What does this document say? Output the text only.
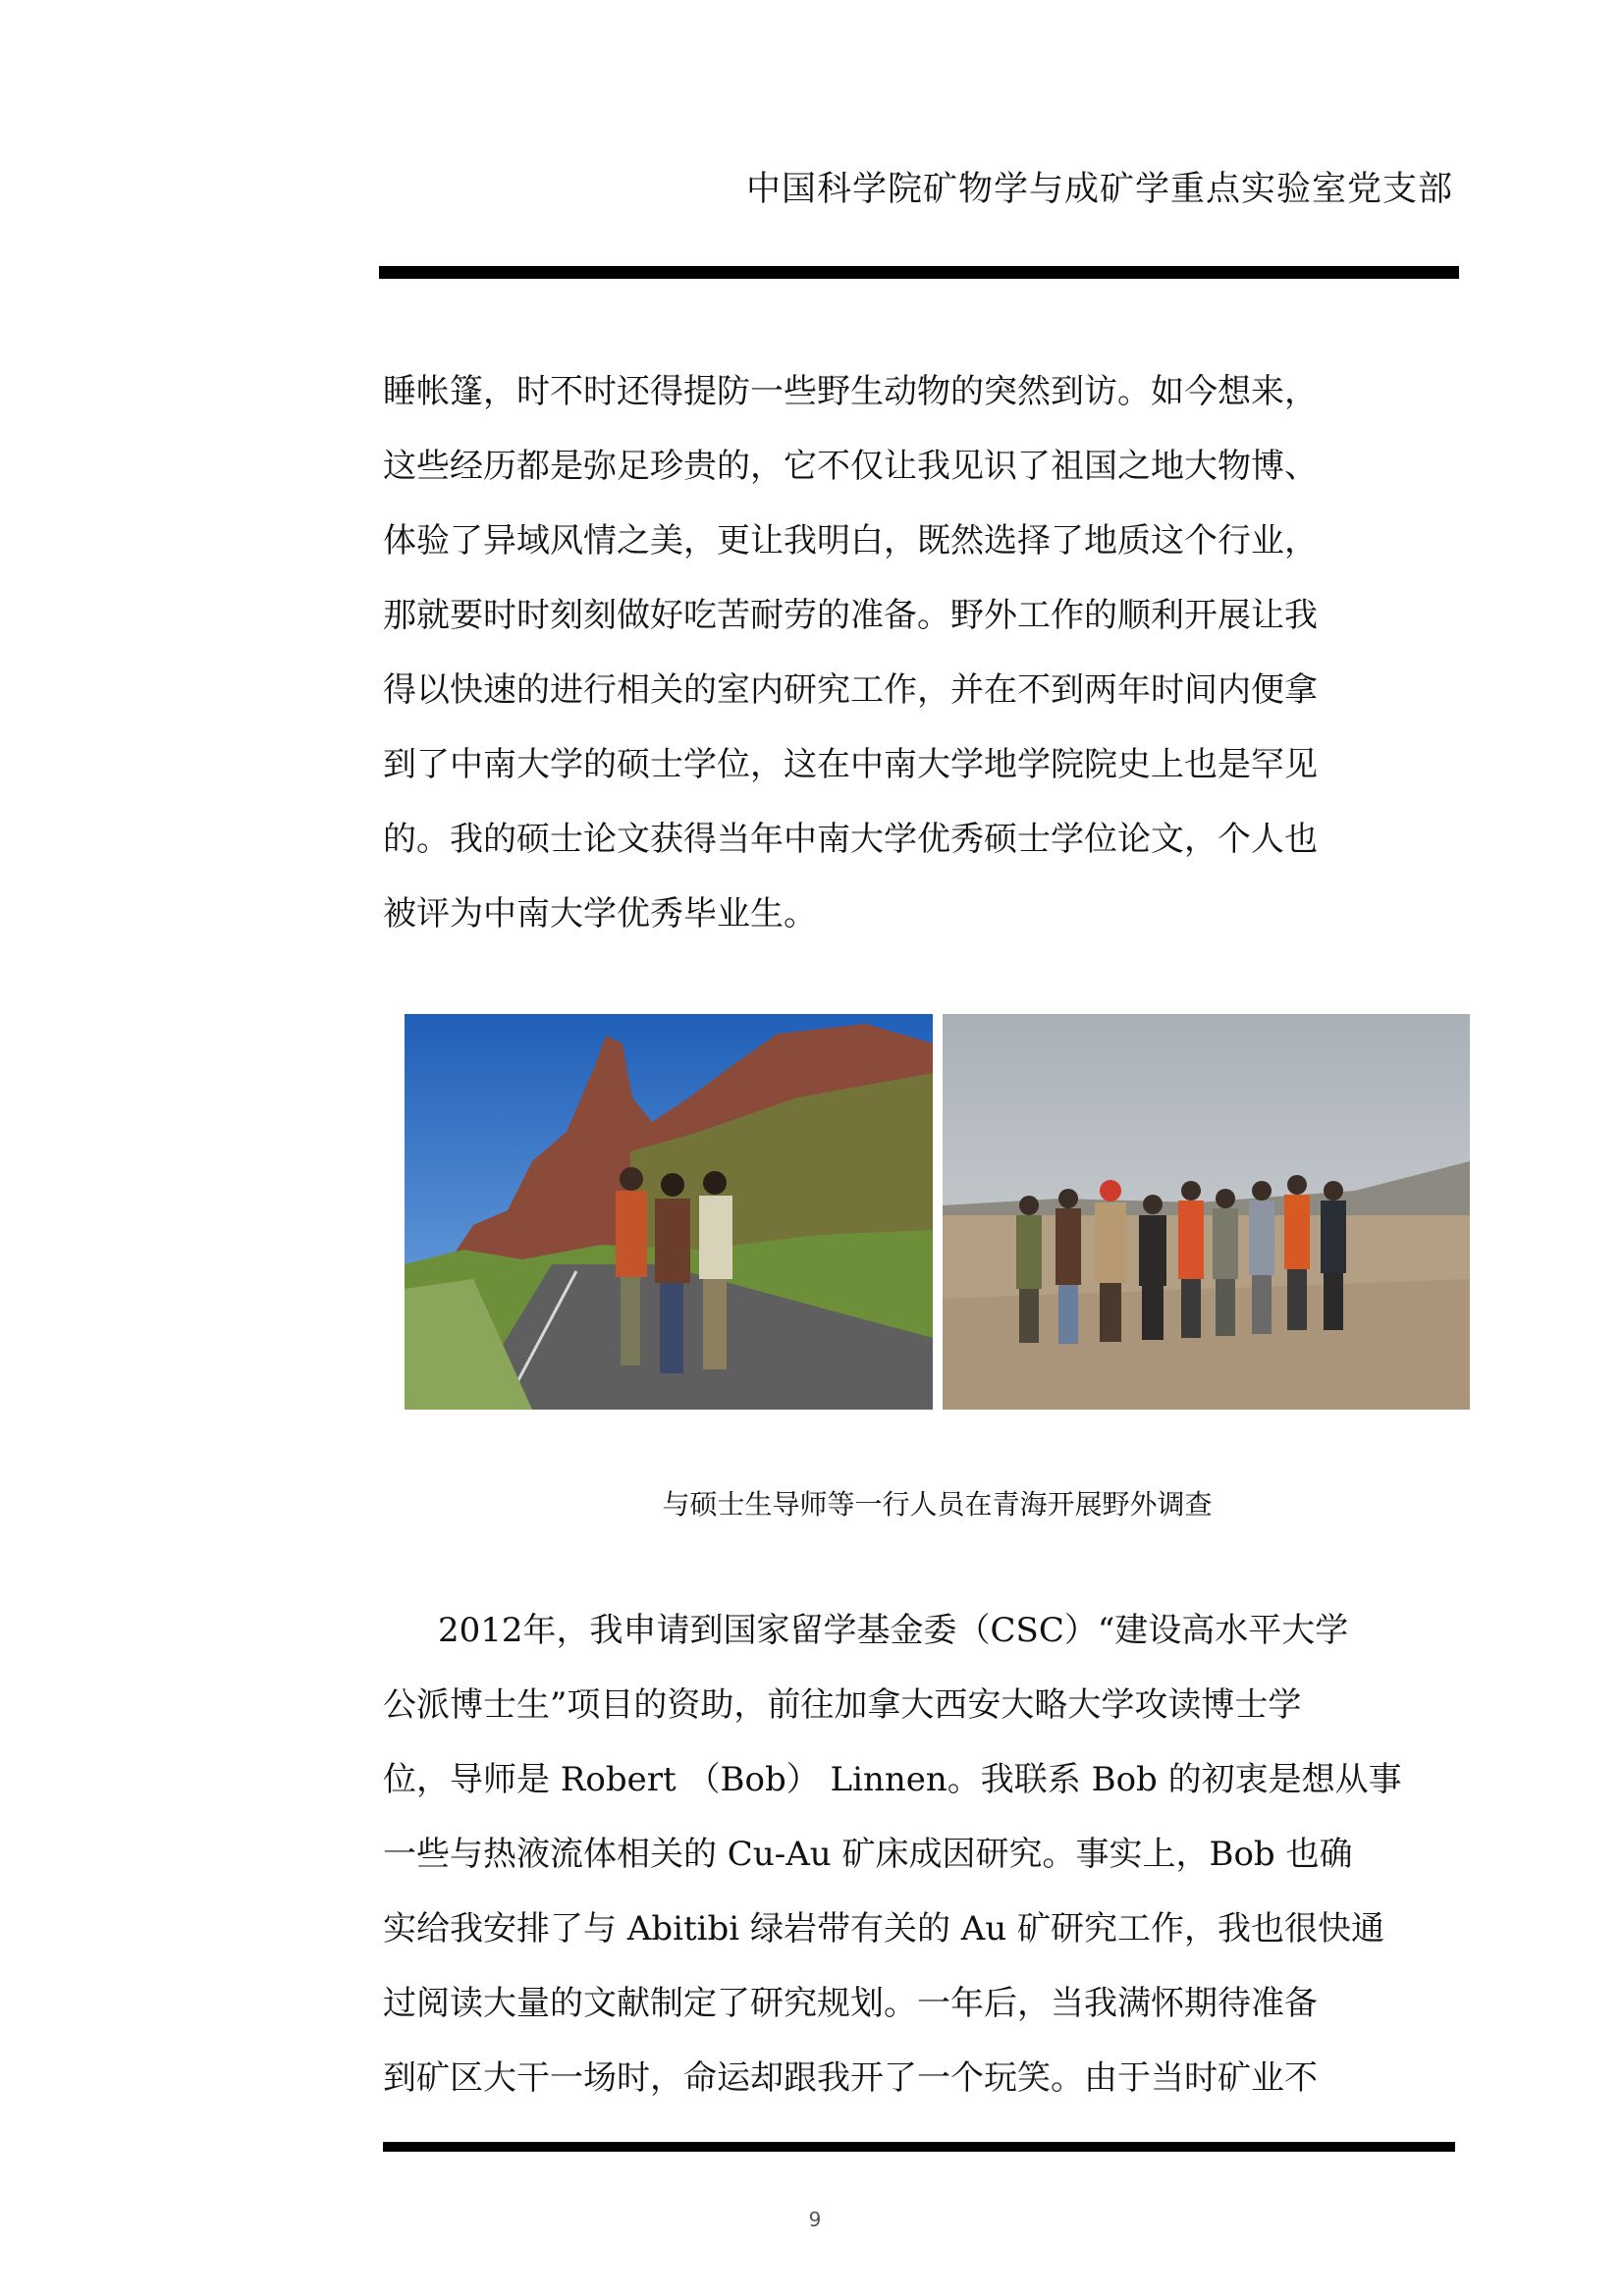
中国科学院矿物学与成矿学重点实验室党支部
睡帐篷，时不时还得提防一些野生动物的突然到访。如今想来，
这些经历都是弥足珍贵的，它不仅让我见识了祖国之地大物博、
体验了异域风情之美，更让我明白，既然选择了地质这个行业，
那就要时时刻刻做好吃苦耐劳的准备。野外工作的顺利开展让我
得以快速的进行相关的室内研究工作，并在不到两年时间内便拿
到了中南大学的硕士学位，这在中南大学地学院院史上也是罕见
的。我的硕士论文获得当年中南大学优秀硕士学位论文，个人也
被评为中南大学优秀毕业生。
与硕士生导师等一行人员在青海开展野外调查
2012年，我申请到国家留学基金委（CSC）“建设高水平大学
公派博士生”项目的资助，前往加拿大西安大略大学攻读博士学
位，导师是 Robert （Bob） Linnen。我联系 Bob 的初衷是想从事
一些与热液流体相关的 Cu-Au 矿床成因研究。事实上，Bob 也确
实给我安排了与 Abitibi 绿岩带有关的 Au 矿研究工作，我也很快通
过阅读大量的文献制定了研究规划。一年后，当我满怀期待准备
到矿区大干一场时，命运却跟我开了一个玩笑。由于当时矿业不
9
